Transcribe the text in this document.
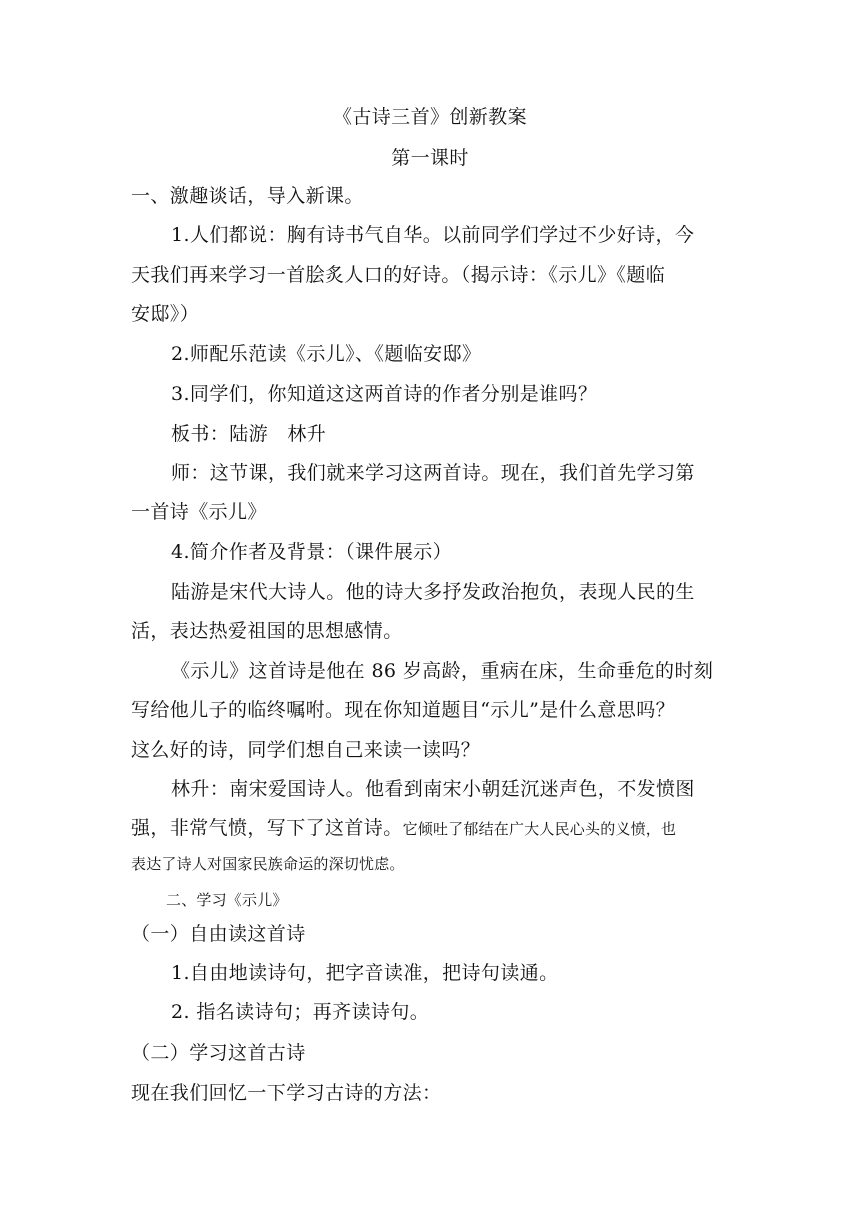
《古诗三首》创新教案
第一课时
一、激趣谈话，导入新课。
1.人们都说：胸有诗书气自华。以前同学们学过不少好诗，今
天我们再来学习一首脍炙人口的好诗。（揭示诗：《示儿》《题临
安邸》）
2.师配乐范读《示儿》、《题临安邸》
3.同学们，你知道这这两首诗的作者分别是谁吗？
板书：陆游　林升
师：这节课，我们就来学习这两首诗。现在，我们首先学习第
一首诗《示儿》
4.简介作者及背景：（课件展示）
陆游是宋代大诗人。他的诗大多抒发政治抱负，表现人民的生
活，表达热爱祖国的思想感情。
《示儿》这首诗是他在 86 岁高龄，重病在床，生命垂危的时刻
写给他儿子的临终嘱咐。现在你知道题目“示儿”是什么意思吗？
这么好的诗，同学们想自己来读一读吗？
林升：南宋爱国诗人。他看到南宋小朝廷沉迷声色，不发愤图
强，非常气愤，写下了这首诗。它倾吐了郁结在广大人民心头的义愤，也
表达了诗人对国家民族命运的深切忧虑。
二、学习《示儿》
（一）自由读这首诗
1.自由地读诗句，把字音读准，把诗句读通。
2. 指名读诗句；再齐读诗句。
（二）学习这首古诗
现在我们回忆一下学习古诗的方法：
